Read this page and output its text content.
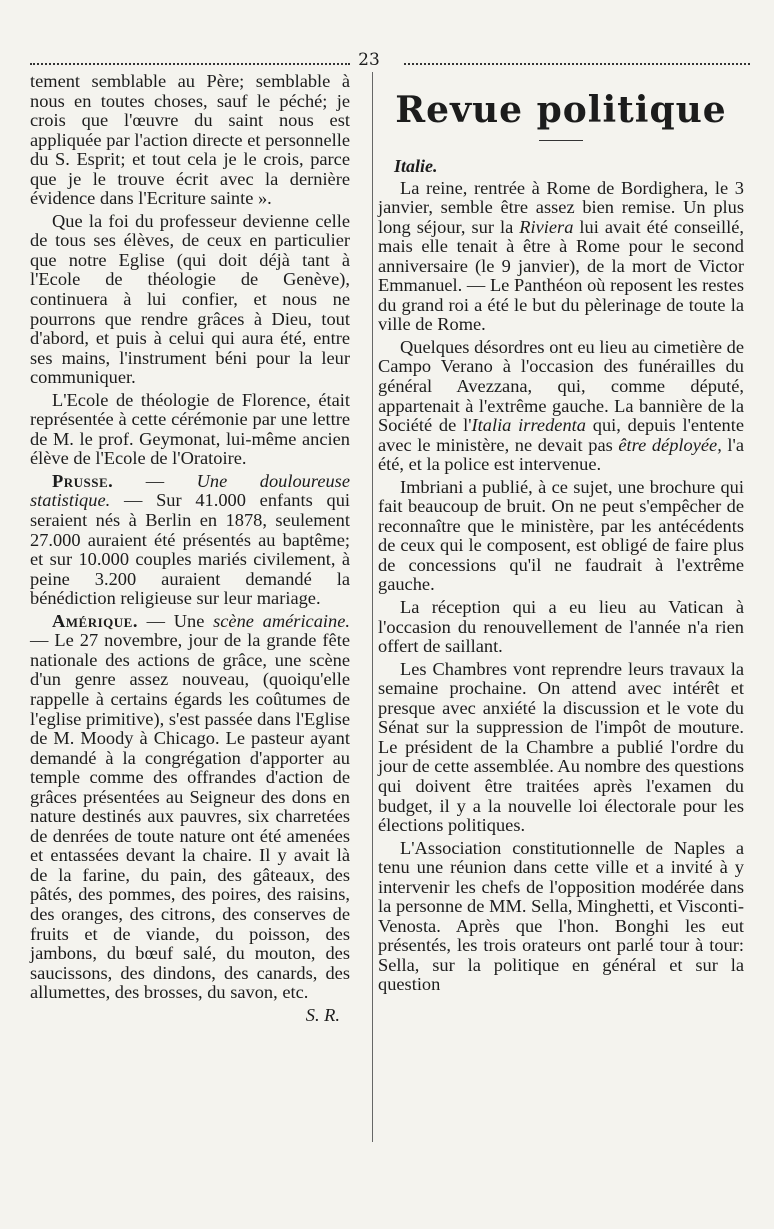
23

tement semblable au Père; semblable à nous en toutes choses, sauf le péché; je crois que l'œuvre du saint nous est appliquée par l'action directe et personnelle du S. Esprit; et tout cela je le crois, parce que je le trouve écrit avec la dernière évidence dans l'Ecriture sainte ».

Que la foi du professeur devienne celle de tous ses élèves, de ceux en particulier que notre Eglise (qui doit déjà tant à l'Ecole de théologie de Genève), continuera à lui confier, et nous ne pourrons que rendre grâces à Dieu, tout d'abord, et puis à celui qui aura été, entre ses mains, l'instrument béni pour la leur communiquer.

L'Ecole de théologie de Florence, était représentée à cette cérémonie par une lettre de M. le prof. Geymonat, lui-même ancien élève de l'Ecole de l'Oratoire.

Prusse. — Une douloureuse statistique. — Sur 41.000 enfants qui seraient nés à Berlin en 1878, seulement 27.000 auraient été présentés au baptême; et sur 10.000 couples mariés civilement, à peine 3.200 auraient demandé la bénédiction religieuse sur leur mariage.

Amérique. — Une scène américaine. — Le 27 novembre, jour de la grande fête nationale des actions de grâce, une scène d'un genre assez nouveau, (quoiqu'elle rappelle à certains égards les coûtumes de l'eglise primitive), s'est passée dans l'Eglise de M. Moody à Chicago. Le pasteur ayant demandé à la congrégation d'apporter au temple comme des offrandes d'action de grâces présentées au Seigneur des dons en nature destinés aux pauvres, six charretées de denrées de toute nature ont été amenées et entassées devant la chaire. Il y avait là de la farine, du pain, des gâteaux, des pâtés, des pommes, des poires, des raisins, des oranges, des citrons, des conserves de fruits et de viande, du poisson, des jambons, du bœuf salé, du mouton, des saucissons, des dindons, des canards, des allumettes, des brosses, du savon, etc.

S. R.
Revue politique
Italie.

La reine, rentrée à Rome de Bordighera, le 3 janvier, semble être assez bien remise. Un plus long séjour, sur la Riviera lui avait été conseillé, mais elle tenait à être à Rome pour le second anniversaire (le 9 janvier), de la mort de Victor Emmanuel. — Le Panthéon où reposent les restes du grand roi a été le but du pèlerinage de toute la ville de Rome.

Quelques désordres ont eu lieu au cimetière de Campo Verano à l'occasion des funérailles du général Avezzana, qui, comme député, appartenait à l'extrême gauche. La bannière de la Société de l'Italia irredenta qui, depuis l'entente avec le ministère, ne devait pas être déployée, l'a été, et la police est intervenue.

Imbriani a publié, à ce sujet, une brochure qui fait beaucoup de bruit. On ne peut s'empêcher de reconnaître que le ministère, par les antécédents de ceux qui le composent, est obligé de faire plus de concessions qu'il ne faudrait à l'extrême gauche.

La réception qui a eu lieu au Vatican à l'occasion du renouvellement de l'année n'a rien offert de saillant.

Les Chambres vont reprendre leurs travaux la semaine prochaine. On attend avec intérêt et presque avec anxiété la discussion et le vote du Sénat sur la suppression de l'impôt de mouture. Le président de la Chambre a publié l'ordre du jour de cette assemblée. Au nombre des questions qui doivent être traitées après l'examen du budget, il y a la nouvelle loi électorale pour les élections politiques.

L'Association constitutionnelle de Naples a tenu une réunion dans cette ville et a invité à y intervenir les chefs de l'opposition modérée dans la personne de MM. Sella, Minghetti, et Visconti-Venosta. Après que l'hon. Bonghi les eut présentés, les trois orateurs ont parlé tour à tour: Sella, sur la politique en général et sur la question
